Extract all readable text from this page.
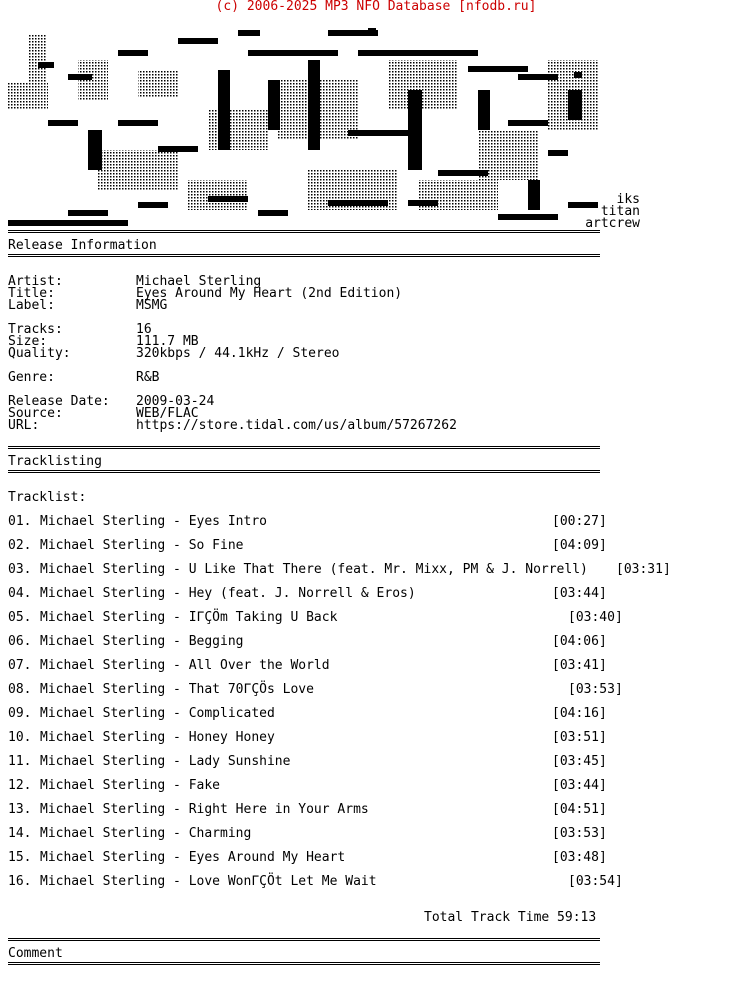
(c) 2006-2025 MP3 NFO Database [nfodb.ru]
iks
titan
artcrew
Release Information
Artist:	Michael Sterling
Title:	Eyes Around My Heart (2nd Edition)
Label:	MSMG
Tracks:	16
Size:	111.7 MB
Quality:	320kbps / 44.1kHz / Stereo
Genre:	R&B
Release Date: 2009-03-24
Source:	WEB/FLAC
URL:	https://store.tidal.com/us/album/57267262
Tracklisting
Tracklist:
01. Michael Sterling - Eyes Intro	[00:27]
02. Michael Sterling - So Fine	[04:09]
03. Michael Sterling - U Like That There (feat. Mr. Mixx, PM & J. Norrell) [03:31]
04. Michael Sterling - Hey (feat. J. Norrell & Eros)	[03:44]
05. Michael Sterling - IΓÇÖm Taking U Back	[03:40]
06. Michael Sterling - Begging	[04:06]
07. Michael Sterling - All Over the World	[03:41]
08. Michael Sterling - That 70ΓÇÖs Love	[03:53]
09. Michael Sterling - Complicated	[04:16]
10. Michael Sterling - Honey Honey	[03:51]
11. Michael Sterling - Lady Sunshine	[03:45]
12. Michael Sterling - Fake	[03:44]
13. Michael Sterling - Right Here in Your Arms	[04:51]
14. Michael Sterling - Charming	[03:53]
15. Michael Sterling - Eyes Around My Heart	[03:48]
16. Michael Sterling - Love WonΓÇÖt Let Me Wait	[03:54]
Total Track Time 59:13
Comment
